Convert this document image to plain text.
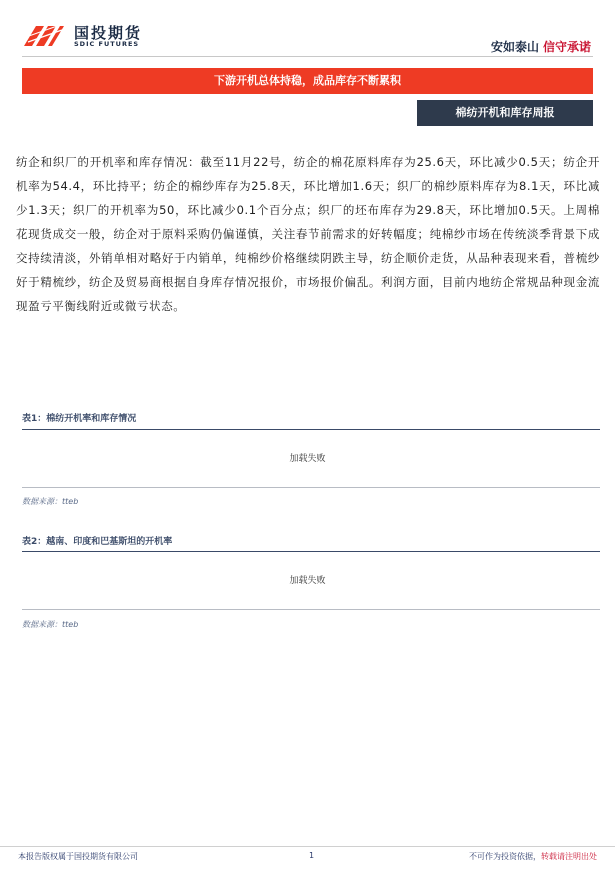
国投期货
SDIC FUTURES	安如泰山 信守承诺
下游开机总体持稳，成品库存不断累积
棉纺开机和库存周报
纺企和织厂的开机率和库存情况：截至11月22号，纺企的棉花原料库存为25.6天，环比减少0.5天；纺企开机率为54.4，环比持平；纺企的棉纱库存为25.8天，环比增加1.6天；织厂的棉纱原料库存为8.1天，环比减少1.3天；织厂的开机率为50，环比减少0.1个百分点；织厂的坯布库存为29.8天，环比增加0.5天。上周棉花现货成交一般，纺企对于原料采购仍偏谨慎，关注春节前需求的好转幅度；纯棉纱市场在传统淡季背景下成交持续清淡，外销单相对略好于内销单，纯棉纱价格继续阴跌主导，纺企顺价走货，从品种表现来看，普梳纱好于精梳纱，纺企及贸易商根据自身库存情况报价，市场报价偏乱。利润方面，目前内地纺企常规品种现金流现盈亏平衡线附近或微亏状态。
表1：棉纺开机率和库存情况
加载失败
数据来源：tteb
表2：越南、印度和巴基斯坦的开机率
加载失败
数据来源：tteb
本报告版权属于国投期货有限公司	1	不可作为投资依据，转载请注明出处
